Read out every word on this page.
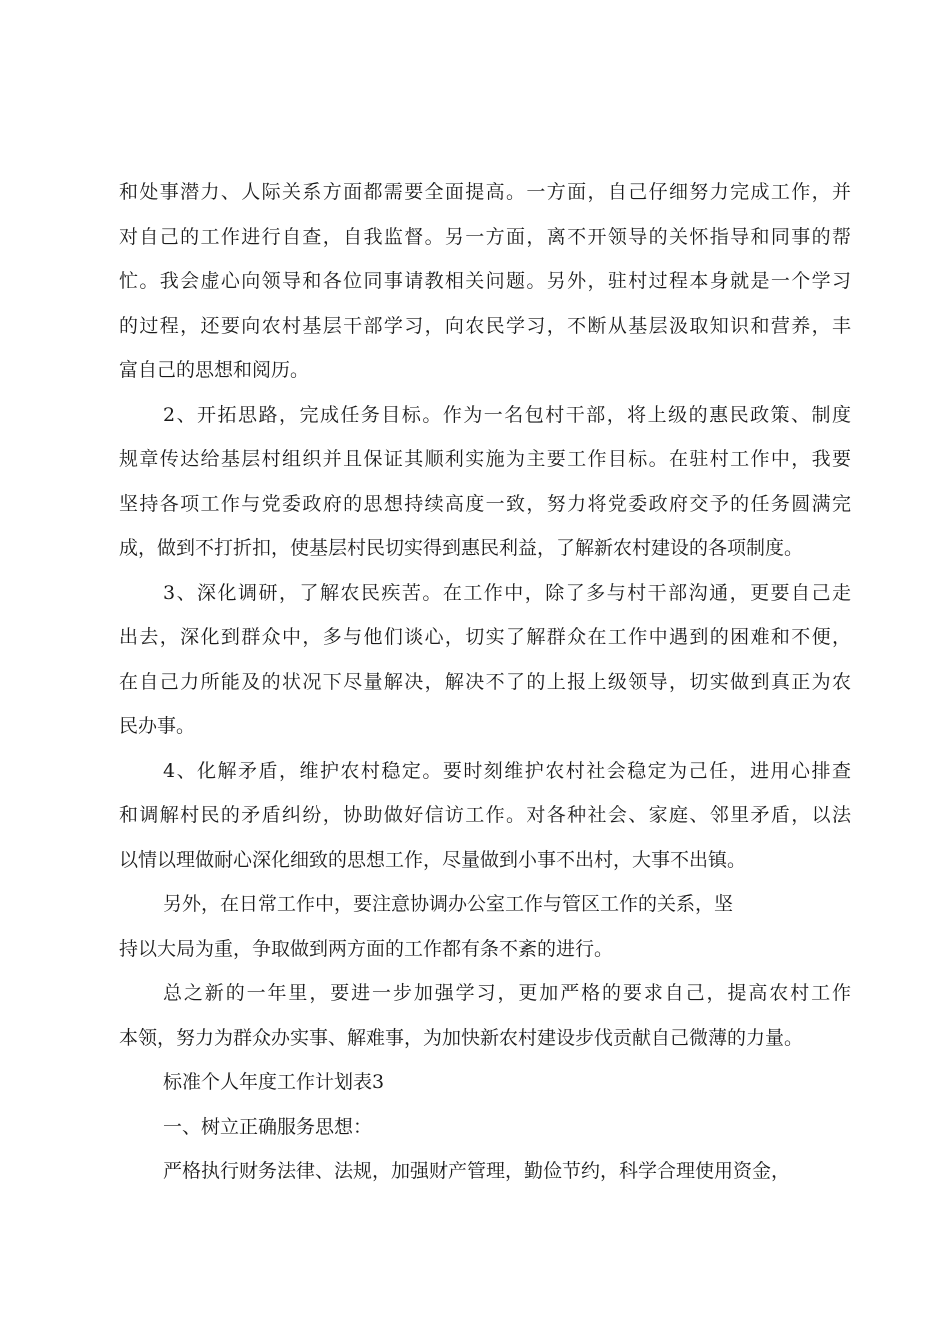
和处事潜力、人际关系方面都需要全面提高。一方面，自己仔细努力完成工作，并
对自己的工作进行自查，自我监督。另一方面，离不开领导的关怀指导和同事的帮
忙。我会虚心向领导和各位同事请教相关问题。另外，驻村过程本身就是一个学习
的过程，还要向农村基层干部学习，向农民学习，不断从基层汲取知识和营养，丰
富自己的思想和阅历。
2、开拓思路，完成任务目标。作为一名包村干部，将上级的惠民政策、制度
规章传达给基层村组织并且保证其顺利实施为主要工作目标。在驻村工作中，我要
坚持各项工作与党委政府的思想持续高度一致，努力将党委政府交予的任务圆满完
成，做到不打折扣，使基层村民切实得到惠民利益，了解新农村建设的各项制度。
3、深化调研，了解农民疾苦。在工作中，除了多与村干部沟通，更要自己走
出去，深化到群众中，多与他们谈心，切实了解群众在工作中遇到的困难和不便，
在自己力所能及的状况下尽量解决，解决不了的上报上级领导，切实做到真正为农
民办事。
4、化解矛盾，维护农村稳定。要时刻维护农村社会稳定为己任，进用心排查
和调解村民的矛盾纠纷，协助做好信访工作。对各种社会、家庭、邻里矛盾，以法
以情以理做耐心深化细致的思想工作，尽量做到小事不出村，大事不出镇。
另外，在日常工作中，要注意协调办公室工作与管区工作的关系，坚
持以大局为重，争取做到两方面的工作都有条不紊的进行。
总之新的一年里，要进一步加强学习，更加严格的要求自己，提高农村工作
本领，努力为群众办实事、解难事，为加快新农村建设步伐贡献自己微薄的力量。
标准个人年度工作计划表3
一、树立正确服务思想：
严格执行财务法律、法规，加强财产管理，勤俭节约，科学合理使用资金，
